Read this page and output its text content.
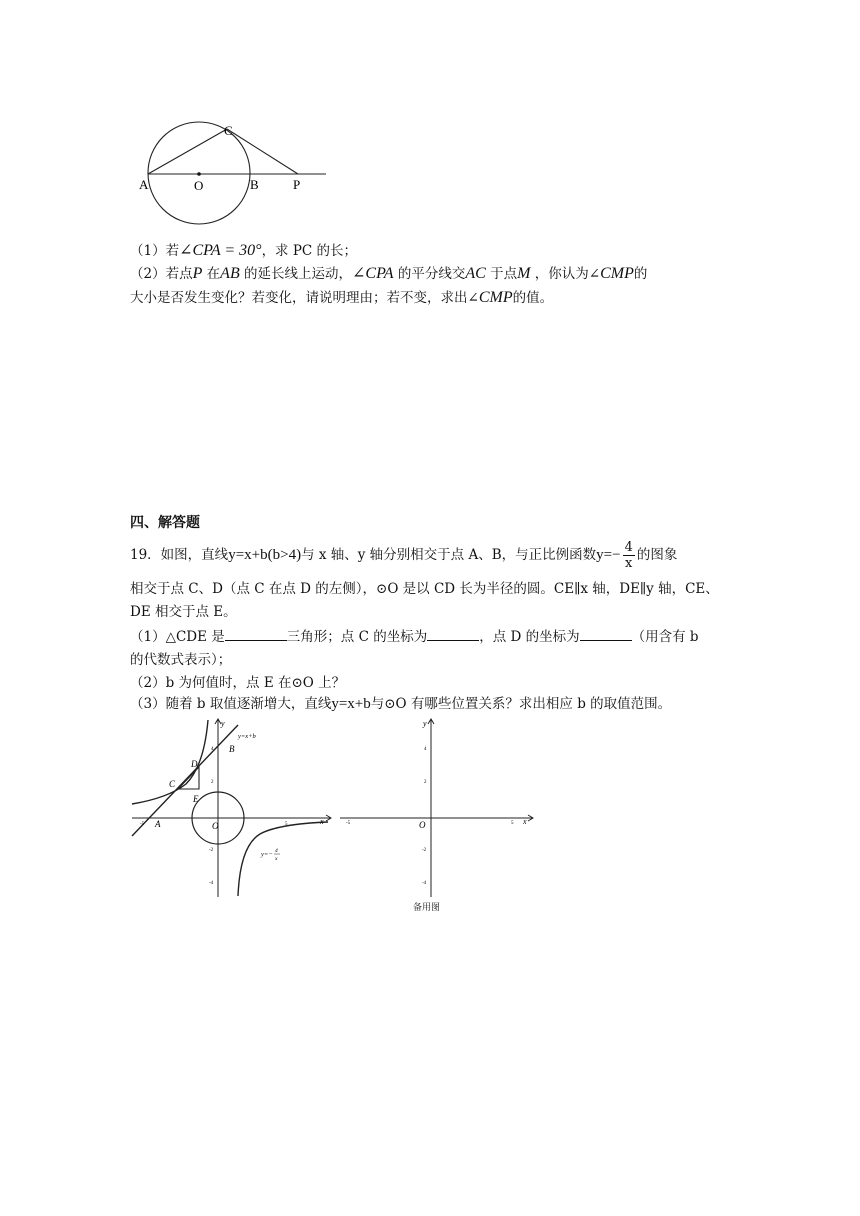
C
A	O	B	P
（1）若∠CPA = 30°，求 PC 的长；
（2）若点P 在AB 的延长线上运动，∠CPA 的平分线交AC 于点M ，你认为∠CMP的
大小是否发生变化？若变化，请说明理由；若不变，求出∠CMP的值。
四、解答题
19．如图，直线y=x+b(b>4)与 x 轴、y 轴分别相交于点 A、B，与正比例函数$y=- \frac{4}{x}$ 的图象
相交于点 C、D（点 C 在点 D 的左侧），⊙O 是以 CD 长为半径的圆。CE∥x 轴，DE∥y 轴，CE、
DE 相交于点 E。
（1）△CDE 是	三角形；点 C 的坐标为	，点 D 的坐标为	（用含有 b
的代数式表示）；
（2）b 为何值时，点 E 在⊙O 上？
（3）随着 b 取值逐渐增大，直线y=x+b与⊙O 有哪些位置关系？求出相应 b 的取值范围。
y
x
O
A
B
C
D
E
y=x+b
y=− 4
x
-5	5
4
2
-2
-4
y
x
O
-5	5
4
2
-2
-4
备用图
